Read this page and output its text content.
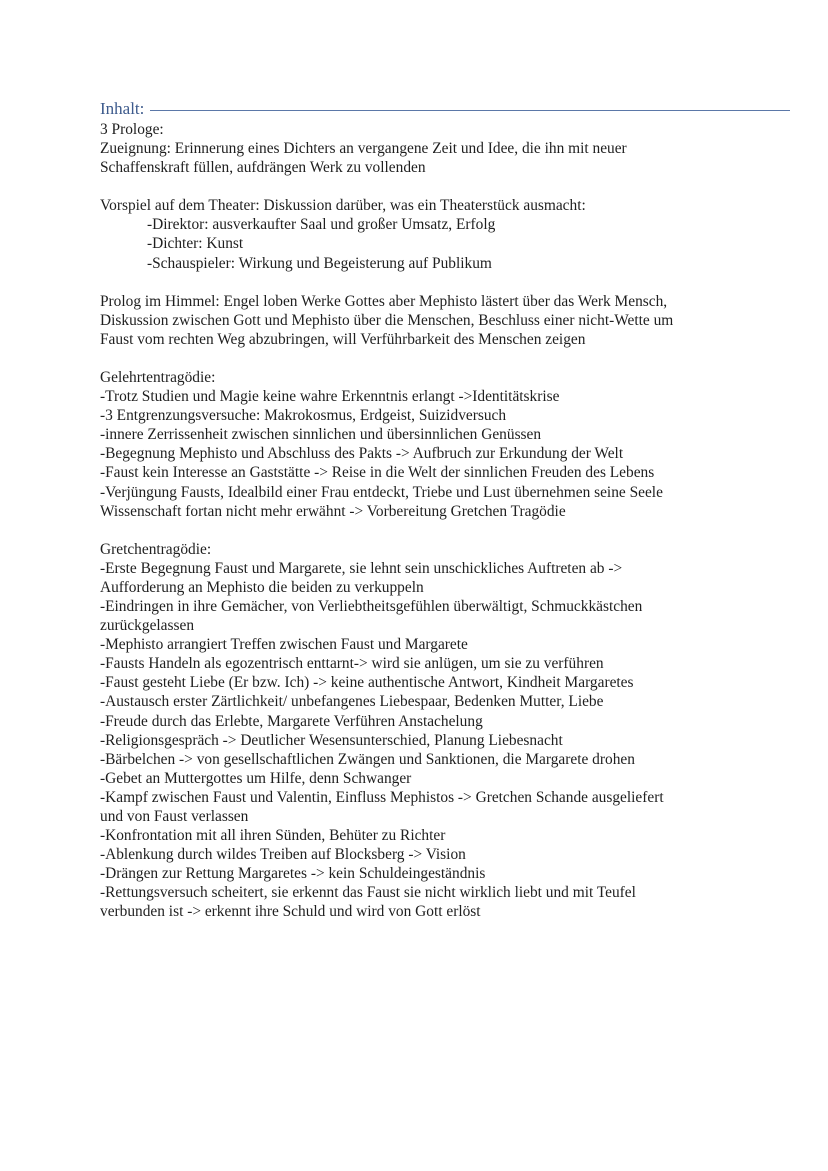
Inhalt:
3 Prologe:
Zueignung: Erinnerung eines Dichters an vergangene Zeit und Idee, die ihn mit neuer
Schaffenskraft füllen, aufdrängen Werk zu vollenden
Vorspiel auf dem Theater: Diskussion darüber, was ein Theaterstück ausmacht:
-Direktor: ausverkaufter Saal und großer Umsatz, Erfolg
-Dichter: Kunst
-Schauspieler: Wirkung und Begeisterung auf Publikum
Prolog im Himmel: Engel loben Werke Gottes aber Mephisto lästert über das Werk Mensch,
Diskussion zwischen Gott und Mephisto über die Menschen, Beschluss einer nicht-Wette um
Faust vom rechten Weg abzubringen, will Verführbarkeit des Menschen zeigen
Gelehrtentragödie:
-Trotz Studien und Magie keine wahre Erkenntnis erlangt ->Identitätskrise
-3 Entgrenzungsversuche: Makrokosmus, Erdgeist, Suizidversuch
-innere Zerrissenheit zwischen sinnlichen und übersinnlichen Genüssen
-Begegnung Mephisto und Abschluss des Pakts -> Aufbruch zur Erkundung der Welt
-Faust kein Interesse an Gaststätte -> Reise in die Welt der sinnlichen Freuden des Lebens
-Verjüngung Fausts, Idealbild einer Frau entdeckt, Triebe und Lust übernehmen seine Seele
Wissenschaft fortan nicht mehr erwähnt -> Vorbereitung Gretchen Tragödie
Gretchentragödie:
-Erste Begegnung Faust und Margarete, sie lehnt sein unschickliches Auftreten ab ->
Aufforderung an Mephisto die beiden zu verkuppeln
-Eindringen in ihre Gemächer, von Verliebtheitsgefühlen überwältigt, Schmuckkästchen
zurückgelassen
-Mephisto arrangiert Treffen zwischen Faust und Margarete
-Fausts Handeln als egozentrisch enttarnt-> wird sie anlügen, um sie zu verführen
-Faust gesteht Liebe (Er bzw. Ich) -> keine authentische Antwort, Kindheit Margaretes
-Austausch erster Zärtlichkeit/ unbefangenes Liebespaar, Bedenken Mutter, Liebe
-Freude durch das Erlebte, Margarete Verführen Anstachelung
-Religionsgespräch -> Deutlicher Wesensunterschied, Planung Liebesnacht
-Bärbelchen -> von gesellschaftlichen Zwängen und Sanktionen, die Margarete drohen
-Gebet an Muttergottes um Hilfe, denn Schwanger
-Kampf zwischen Faust und Valentin, Einfluss Mephistos -> Gretchen Schande ausgeliefert
und von Faust verlassen
-Konfrontation mit all ihren Sünden, Behüter zu Richter
-Ablenkung durch wildes Treiben auf Blocksberg -> Vision
-Drängen zur Rettung Margaretes -> kein Schuldeingeständnis
-Rettungsversuch scheitert, sie erkennt das Faust sie nicht wirklich liebt und mit Teufel
verbunden ist -> erkennt ihre Schuld und wird von Gott erlöst
